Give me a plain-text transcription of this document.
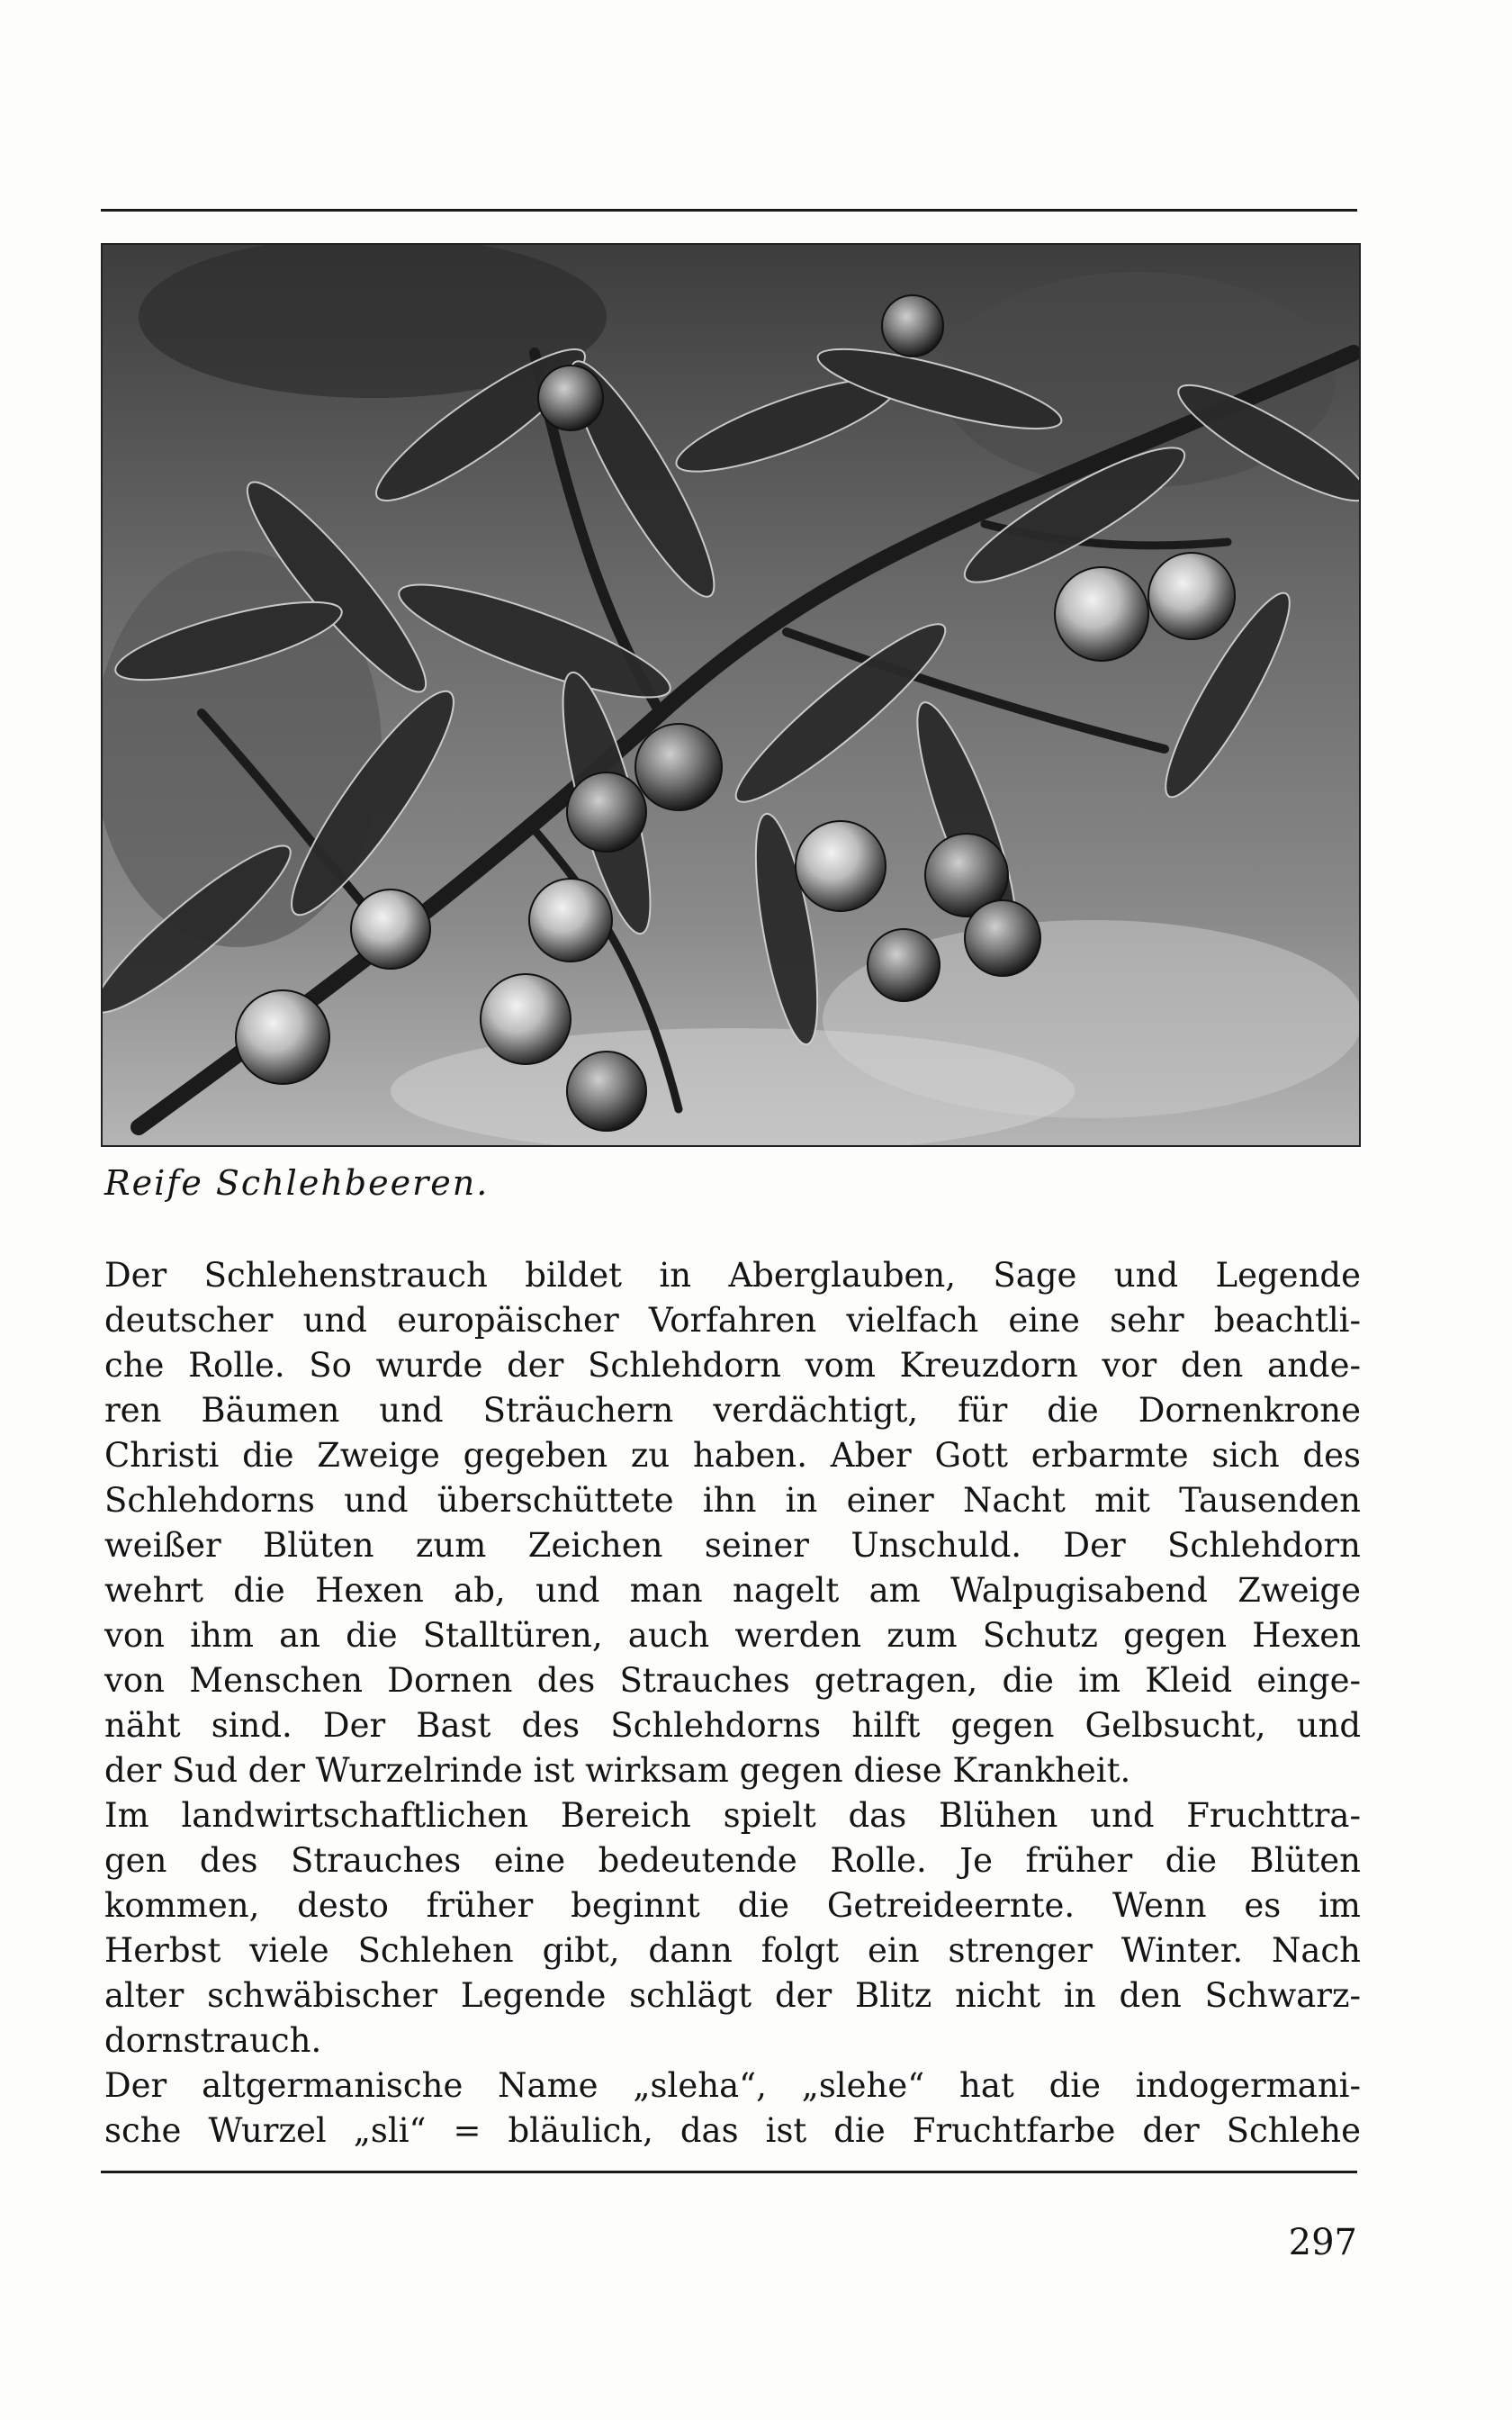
Reife Schlehbeeren.
Der Schlehenstrauch bildet in Aberglauben, Sage und Legende
deutscher und europäischer Vorfahren vielfach eine sehr beachtli-
che Rolle. So wurde der Schlehdorn vom Kreuzdorn vor den ande-
ren Bäumen und Sträuchern verdächtigt, für die Dornenkrone
Christi die Zweige gegeben zu haben. Aber Gott erbarmte sich des
Schlehdorns und überschüttete ihn in einer Nacht mit Tausenden
weißer Blüten zum Zeichen seiner Unschuld. Der Schlehdorn
wehrt die Hexen ab, und man nagelt am Walpugisabend Zweige
von ihm an die Stalltüren, auch werden zum Schutz gegen Hexen
von Menschen Dornen des Strauches getragen, die im Kleid einge-
näht sind. Der Bast des Schlehdorns hilft gegen Gelbsucht, und
der Sud der Wurzelrinde ist wirksam gegen diese Krankheit.
Im landwirtschaftlichen Bereich spielt das Blühen und Fruchttra-
gen des Strauches eine bedeutende Rolle. Je früher die Blüten
kommen, desto früher beginnt die Getreideernte. Wenn es im
Herbst viele Schlehen gibt, dann folgt ein strenger Winter. Nach
alter schwäbischer Legende schlägt der Blitz nicht in den Schwarz-
dornstrauch.
Der altgermanische Name „sleha“, „slehe“ hat die indogermani-
sche Wurzel „sli“ = bläulich, das ist die Fruchtfarbe der Schlehe
297
